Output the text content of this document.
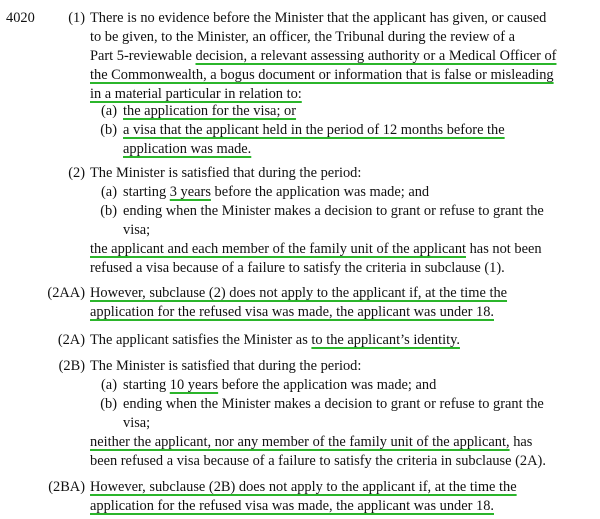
4020 (1) There is no evidence before the Minister that the applicant has given, or caused
to be given, to the Minister, an officer, the Tribunal during the review of a
Part 5-reviewable decision, a relevant assessing authority or a Medical Officer of
the Commonwealth, a bogus document or information that is false or misleading
in a material particular in relation to:
(a) the application for the visa; or
(b) a visa that the applicant held in the period of 12 months before the
application was made.
(2) The Minister is satisfied that during the period:
(a) starting 3 years before the application was made; and
(b) ending when the Minister makes a decision to grant or refuse to grant the
visa;
the applicant and each member of the family unit of the applicant has not been
refused a visa because of a failure to satisfy the criteria in subclause (1).
(2AA) However, subclause (2) does not apply to the applicant if, at the time the
application for the refused visa was made, the applicant was under 18.
(2A) The applicant satisfies the Minister as to the applicant’s identity.
(2B) The Minister is satisfied that during the period:
(a) starting 10 years before the application was made; and
(b) ending when the Minister makes a decision to grant or refuse to grant the
visa;
neither the applicant, nor any member of the family unit of the applicant, has
been refused a visa because of a failure to satisfy the criteria in subclause (2A).
(2BA) However, subclause (2B) does not apply to the applicant if, at the time the
application for the refused visa was made, the applicant was under 18.
